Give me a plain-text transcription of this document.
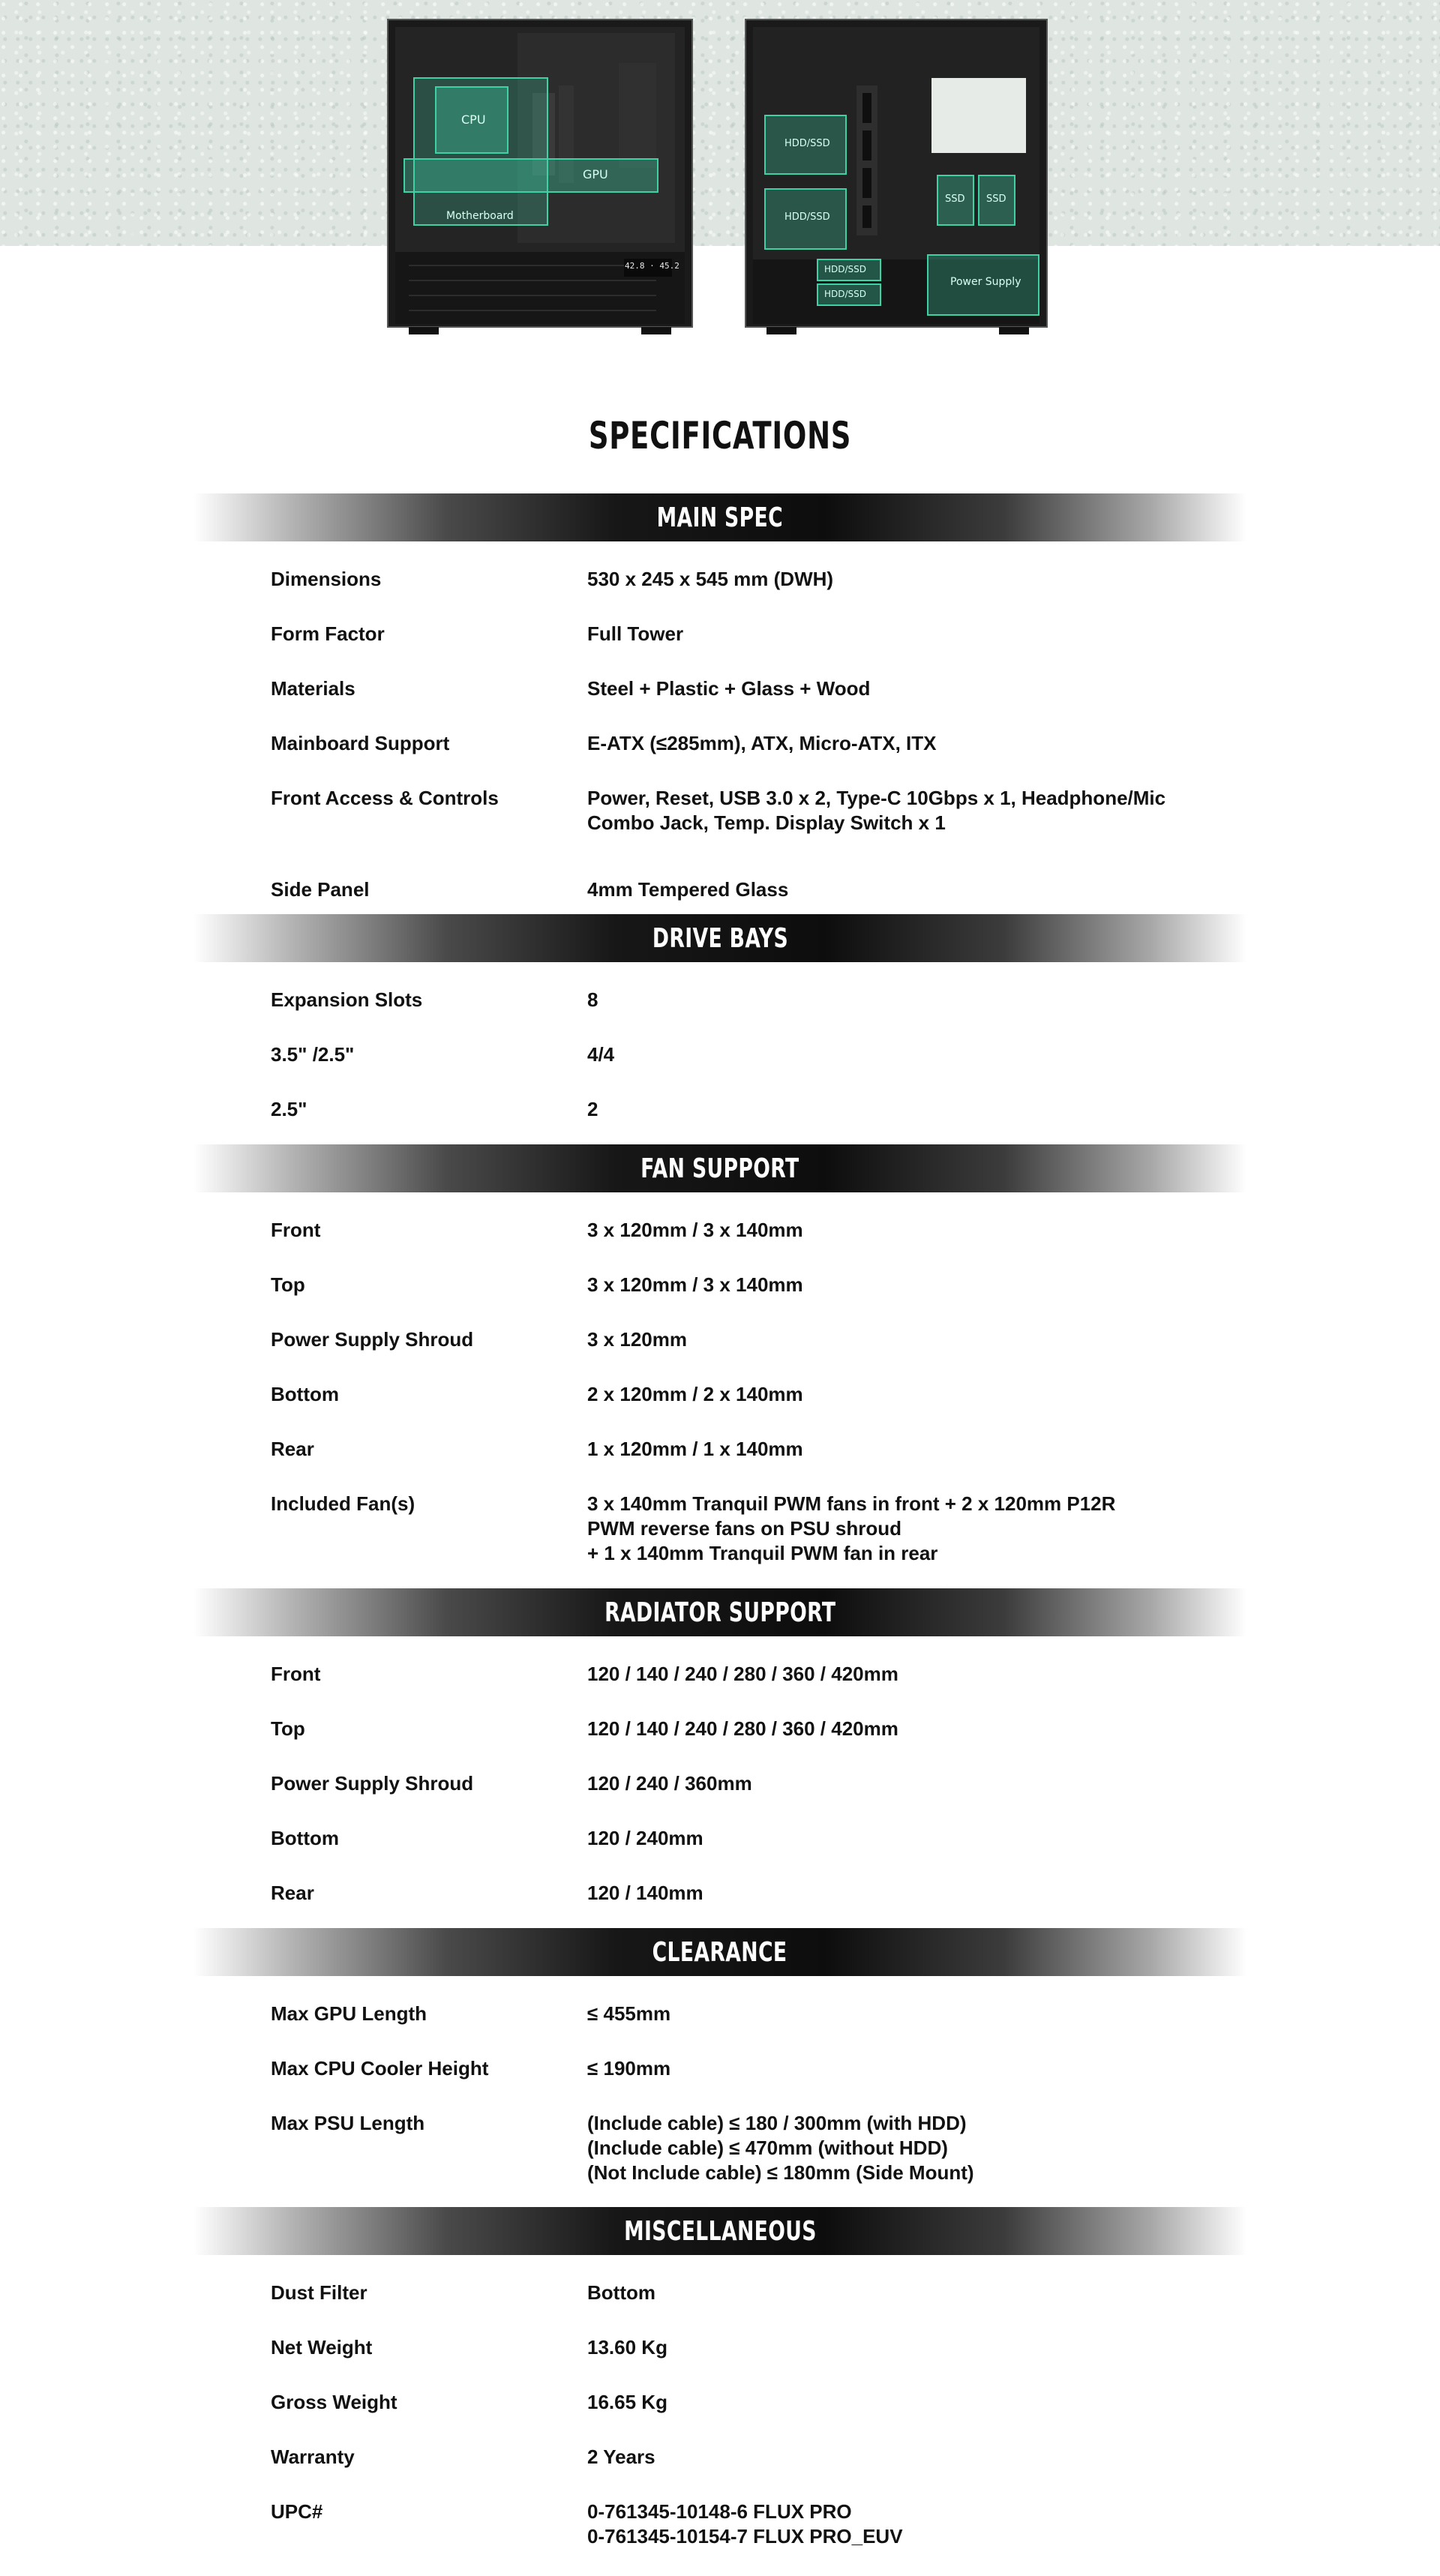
CPU
GPU
Motherboard
42.8 · 45.2
HDD/SSD
HDD/SSD
SSD SSD
HDD/SSD
HDD/SSD
Power Supply
SPECIFICATIONS
MAIN SPEC
Dimensions	530 x 245 x 545 mm (DWH)
Form Factor	Full Tower
Materials	Steel + Plastic + Glass + Wood
Mainboard Support	E-ATX (≤285mm), ATX, Micro-ATX, ITX
Front Access & Controls	Power, Reset, USB 3.0 x 2, Type-C 10Gbps x 1, Headphone/Mic
Combo Jack, Temp. Display Switch x 1
Side Panel	4mm Tempered Glass
DRIVE BAYS
Expansion Slots	8
3.5" /2.5"	4/4
2.5"	2
FAN SUPPORT
Front	3 x 120mm / 3 x 140mm
Top	3 x 120mm / 3 x 140mm
Power Supply Shroud	3 x 120mm
Bottom	2 x 120mm / 2 x 140mm
Rear	1 x 120mm / 1 x 140mm
Included Fan(s)	3 x 140mm Tranquil PWM fans in front + 2 x 120mm P12R
PWM reverse fans on PSU shroud
+ 1 x 140mm Tranquil PWM fan in rear
RADIATOR SUPPORT
Front	120 / 140 / 240 / 280 / 360 / 420mm
Top	120 / 140 / 240 / 280 / 360 / 420mm
Power Supply Shroud	120 / 240 / 360mm
Bottom	120 / 240mm
Rear	120 / 140mm
CLEARANCE
Max GPU Length	≤ 455mm
Max CPU Cooler Height	≤ 190mm
Max PSU Length	(Include cable) ≤ 180 / 300mm (with HDD)
(Include cable) ≤ 470mm (without HDD)
(Not Include cable) ≤ 180mm (Side Mount)
MISCELLANEOUS
Dust Filter	Bottom
Net Weight	13.60 Kg
Gross Weight	16.65 Kg
Warranty	2 Years
UPC#	0-761345-10148-6 FLUX PRO
0-761345-10154-7 FLUX PRO_EUV
